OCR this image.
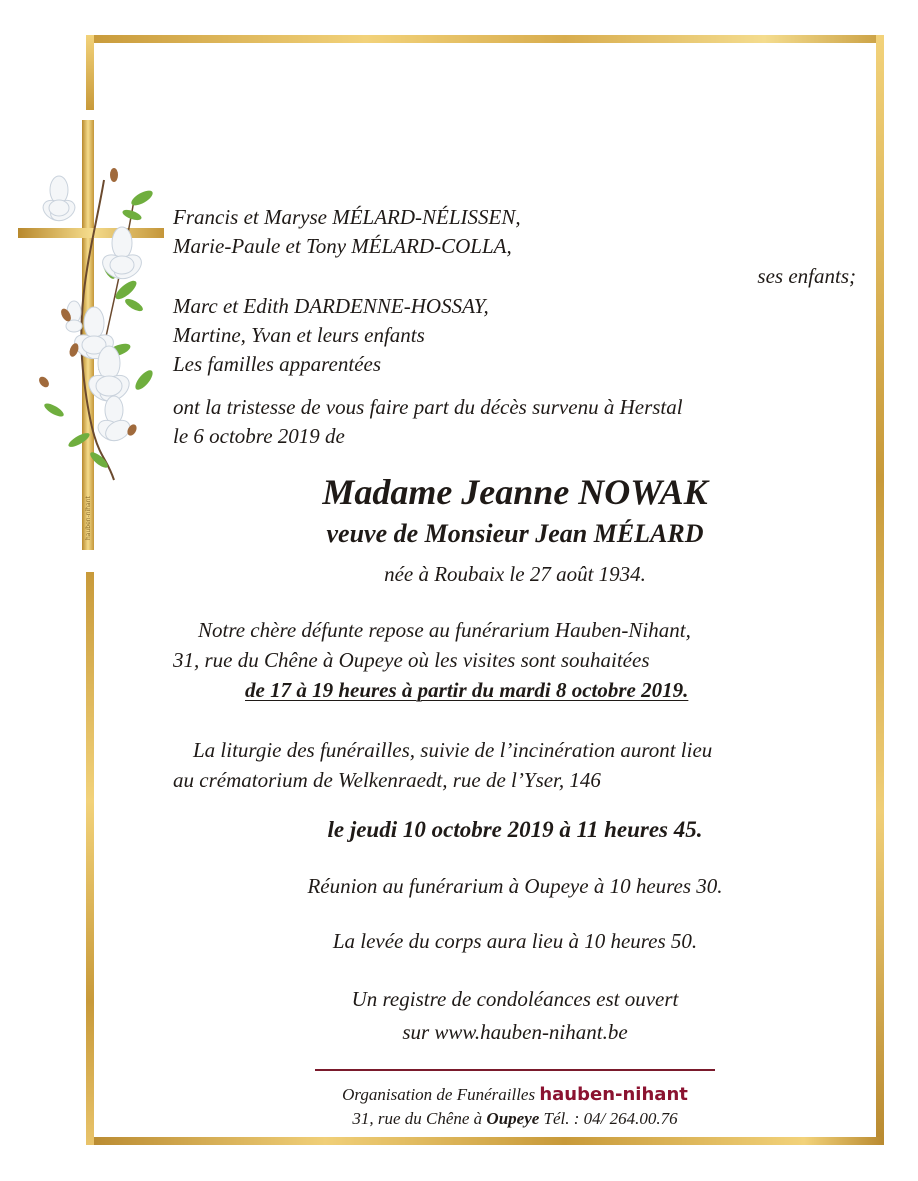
hauben-nihant

Francis et Maryse MÉLARD-NÉLISSEN,

Marie-Paule et Tony MÉLARD-COLLA,

ses enfants;

Marc et Edith DARDENNE-HOSSAY,

Martine, Yvan et leurs enfants

Les familles apparentées

ont la tristesse de vous faire part du décès survenu à Herstal

le 6 octobre 2019 de

Madame Jeanne NOWAK

veuve de Monsieur Jean MÉLARD

née à Roubaix le 27 août 1934.

Notre chère défunte repose au funérarium Hauben-Nihant,

31, rue du Chêne à Oupeye où les visites sont souhaitées

de 17 à 19 heures à partir du mardi 8 octobre 2019.

La liturgie des funérailles, suivie de l’incinération auront lieu

au crématorium de Welkenraedt, rue de l’Yser, 146

le jeudi 10 octobre 2019 à 11 heures 45.

Réunion au funérarium à Oupeye à 10 heures 30.

La levée du corps aura lieu à 10 heures 50.

Un registre de condoléances est ouvert

sur www.hauben-nihant.be

Organisation de Funérailles hauben-nihant

31, rue du Chêne à Oupeye Tél. : 04/ 264.00.76
